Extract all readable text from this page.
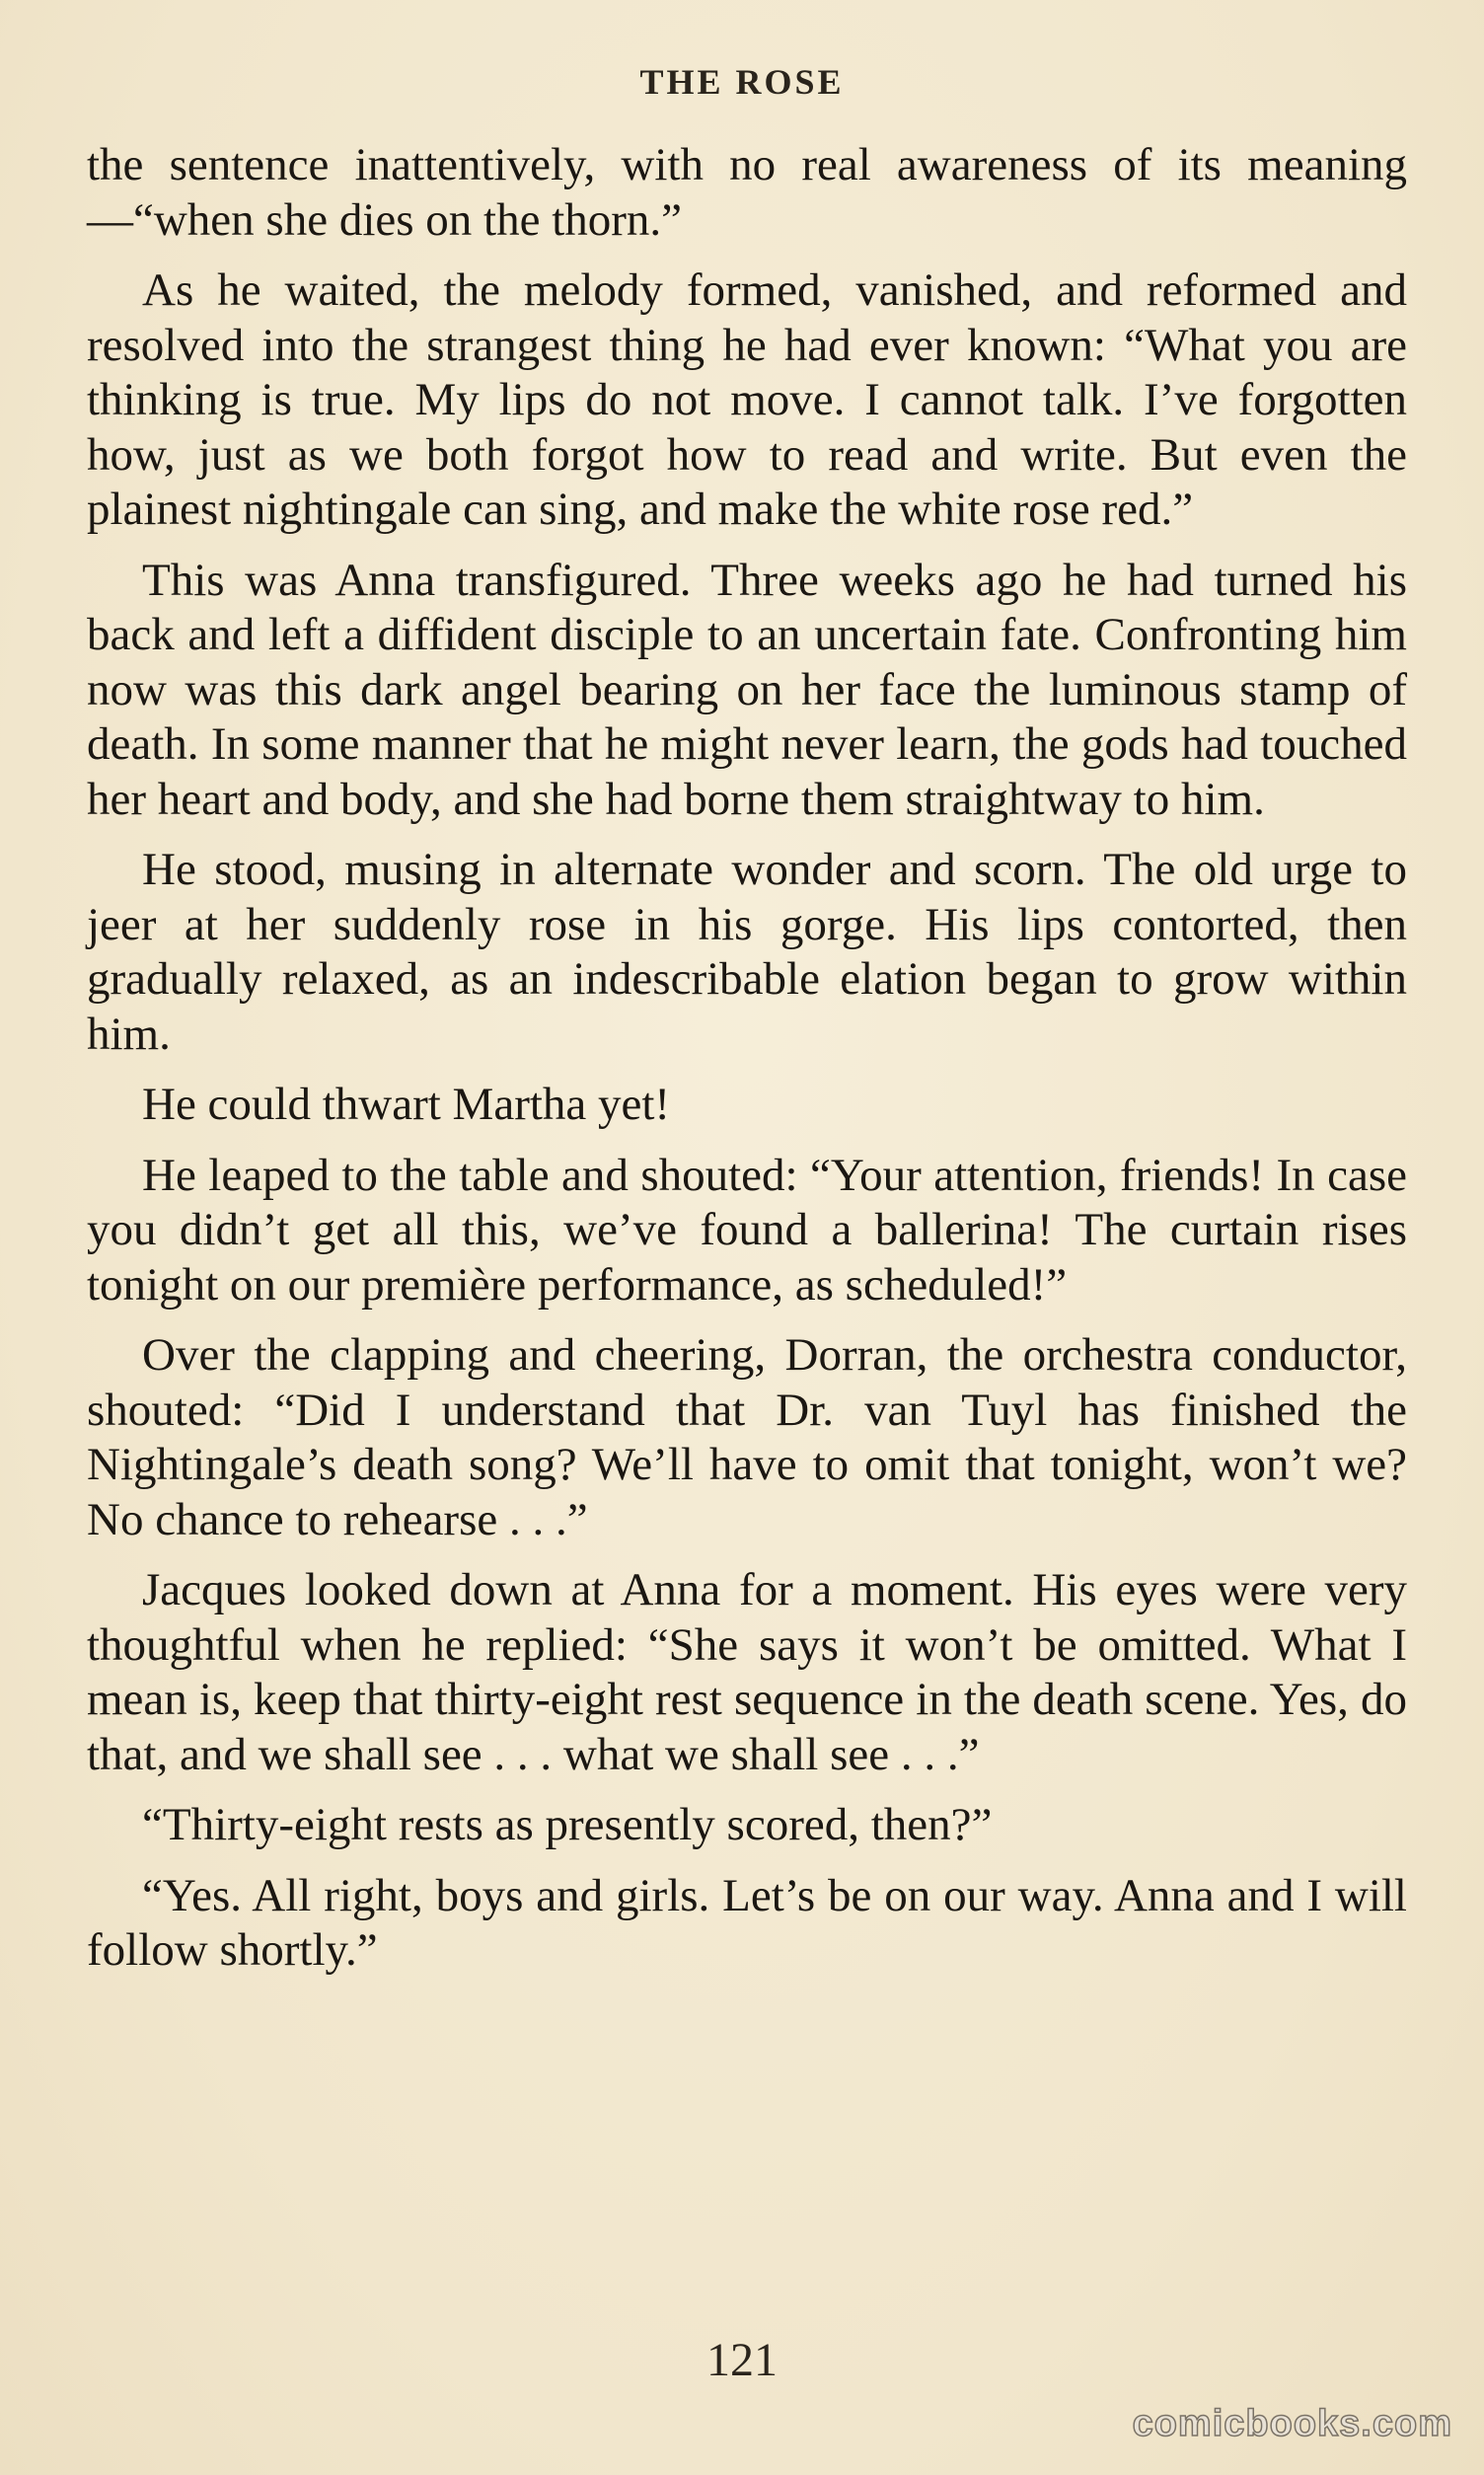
THE ROSE

the sentence inattentively, with no real awareness of its meaning—“when she dies on the thorn.”

As he waited, the melody formed, vanished, and reformed and resolved into the strangest thing he had ever known: “What you are thinking is true. My lips do not move. I cannot talk. I’ve forgotten how, just as we both forgot how to read and write. But even the plainest nightingale can sing, and make the white rose red.”

This was Anna transfigured. Three weeks ago he had turned his back and left a diffident disciple to an uncertain fate. Confronting him now was this dark angel bearing on her face the luminous stamp of death. In some manner that he might never learn, the gods had touched her heart and body, and she had borne them straightway to him.

He stood, musing in alternate wonder and scorn. The old urge to jeer at her suddenly rose in his gorge. His lips contorted, then gradually relaxed, as an indescribable elation began to grow within him.

He could thwart Martha yet!

He leaped to the table and shouted: “Your attention, friends! In case you didn’t get all this, we’ve found a ballerina! The curtain rises tonight on our première performance, as scheduled!”

Over the clapping and cheering, Dorran, the orchestra conductor, shouted: “Did I understand that Dr. van Tuyl has finished the Nightingale’s death song? We’ll have to omit that tonight, won’t we? No chance to rehearse . . .”

Jacques looked down at Anna for a moment. His eyes were very thoughtful when he replied: “She says it won’t be omitted. What I mean is, keep that thirty-eight rest sequence in the death scene. Yes, do that, and we shall see . . . what we shall see . . .”

“Thirty-eight rests as presently scored, then?”

“Yes. All right, boys and girls. Let’s be on our way. Anna and I will follow shortly.”

121
comicbooks.com
